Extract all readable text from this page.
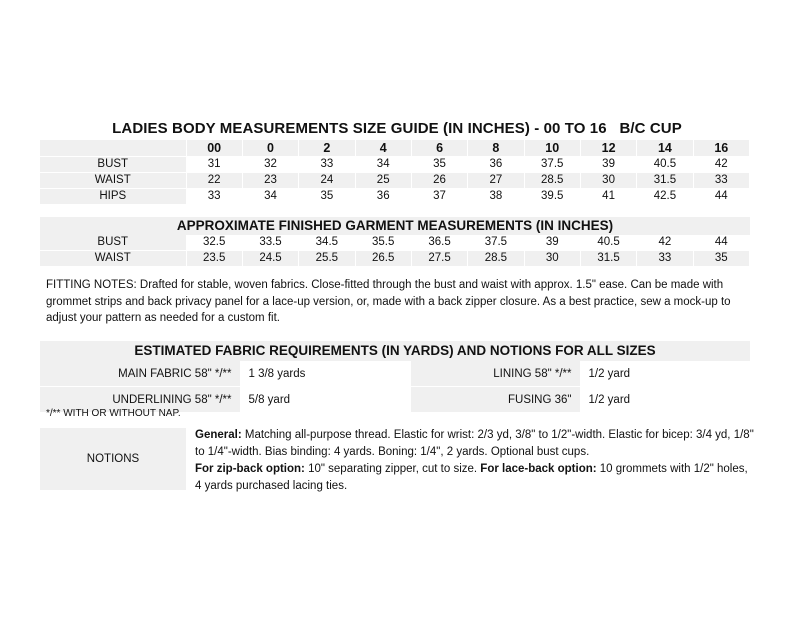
LADIES BODY MEASUREMENTS SIZE GUIDE (IN INCHES) - 00 TO 16   B/C CUP
	00	0	2	4	6	8	10	12	14	16
BUST	31	32	33	34	35	36	37.5	39	40.5	42
WAIST	22	23	24	25	26	27	28.5	30	31.5	33
HIPS	33	34	35	36	37	38	39.5	41	42.5	44
APPROXIMATE FINISHED GARMENT MEASUREMENTS (IN INCHES)
BUST	32.5	33.5	34.5	35.5	36.5	37.5	39	40.5	42	44
WAIST	23.5	24.5	25.5	26.5	27.5	28.5	30	31.5	33	35
FITTING NOTES: Drafted for stable, woven fabrics. Close-fitted through the bust and waist with approx. 1.5" ease. Can be made with grommet strips and back privacy panel for a lace-up version, or, made with a back zipper closure. As a best practice, sew a mock-up to adjust your pattern as needed for a custom fit.
ESTIMATED FABRIC REQUIREMENTS (IN YARDS) AND NOTIONS FOR ALL SIZES
MAIN FABRIC 58" */**	1 3/8 yards	LINING 58" */**	1/2 yard
UNDERLINING 58" */**	5/8 yard	FUSING 36"	1/2 yard
*/** WITH OR WITHOUT NAP.
NOTIONS
General: Matching all-purpose thread. Elastic for wrist: 2/3 yd, 3/8" to 1/2"-width. Elastic for bicep: 3/4 yd, 1/8" to 1/4"-width. Bias binding: 4 yards. Boning: 1/4", 2 yards. Optional bust cups.
For zip-back option: 10" separating zipper, cut to size. For lace-back option: 10 grommets with 1/2" holes, 4 yards purchased lacing ties.
